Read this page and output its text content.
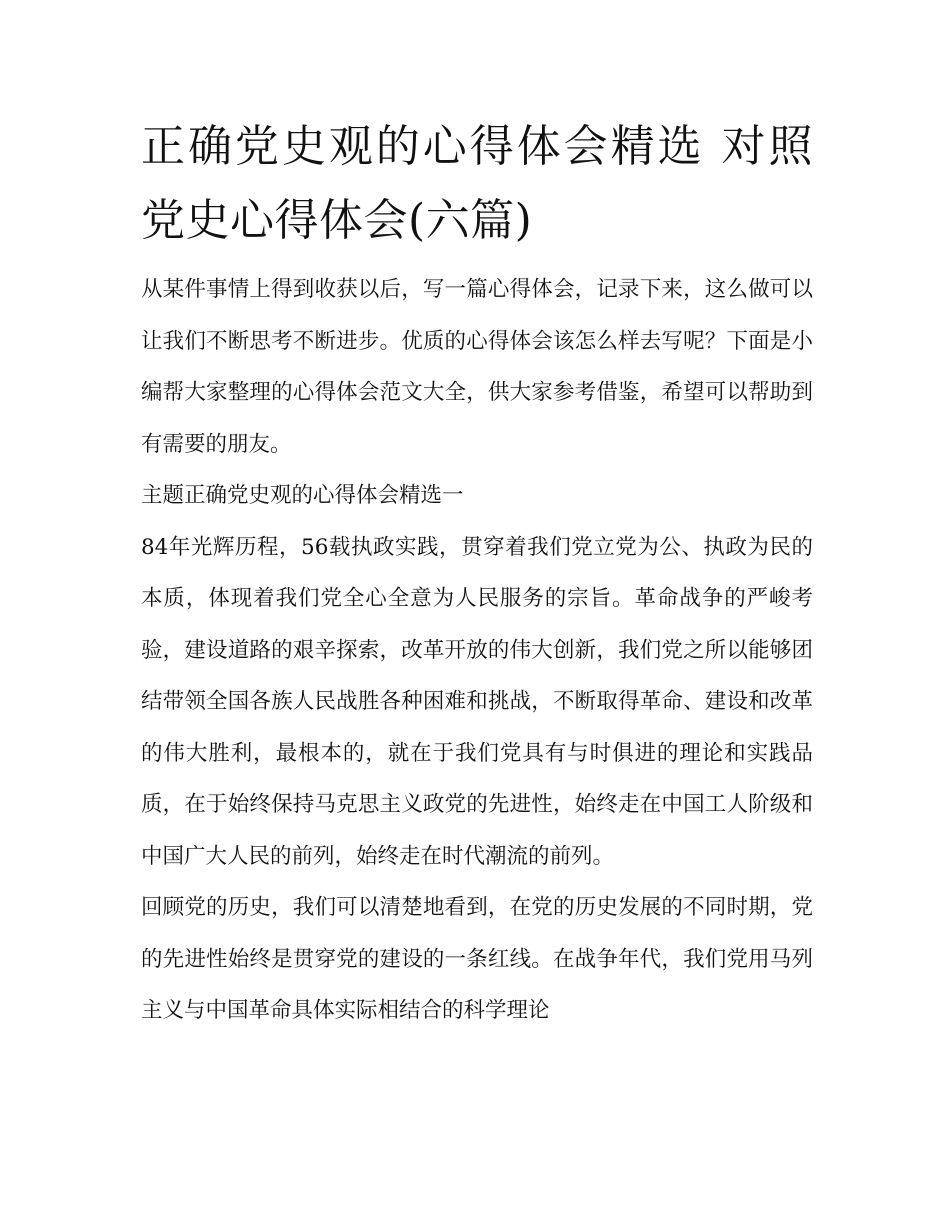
正确党史观的心得体会精选 对照党史心得体会(六篇)

从某件事情上得到收获以后，写一篇心得体会，记录下来，这么做可以让我们不断思考不断进步。优质的心得体会该怎么样去写呢？下面是小编帮大家整理的心得体会范文大全，供大家参考借鉴，希望可以帮助到有需要的朋友。

主题正确党史观的心得体会精选一

84年光辉历程，56载执政实践，贯穿着我们党立党为公、执政为民的本质，体现着我们党全心全意为人民服务的宗旨。革命战争的严峻考验，建设道路的艰辛探索，改革开放的伟大创新，我们党之所以能够团结带领全国各族人民战胜各种困难和挑战，不断取得革命、建设和改革的伟大胜利，最根本的，就在于我们党具有与时俱进的理论和实践品质，在于始终保持马克思主义政党的先进性，始终走在中国工人阶级和中国广大人民的前列，始终走在时代潮流的前列。

回顾党的历史，我们可以清楚地看到，在党的历史发展的不同时期，党的先进性始终是贯穿党的建设的一条红线。在战争年代，我们党用马列主义与中国革命具体实际相结合的科学理论
